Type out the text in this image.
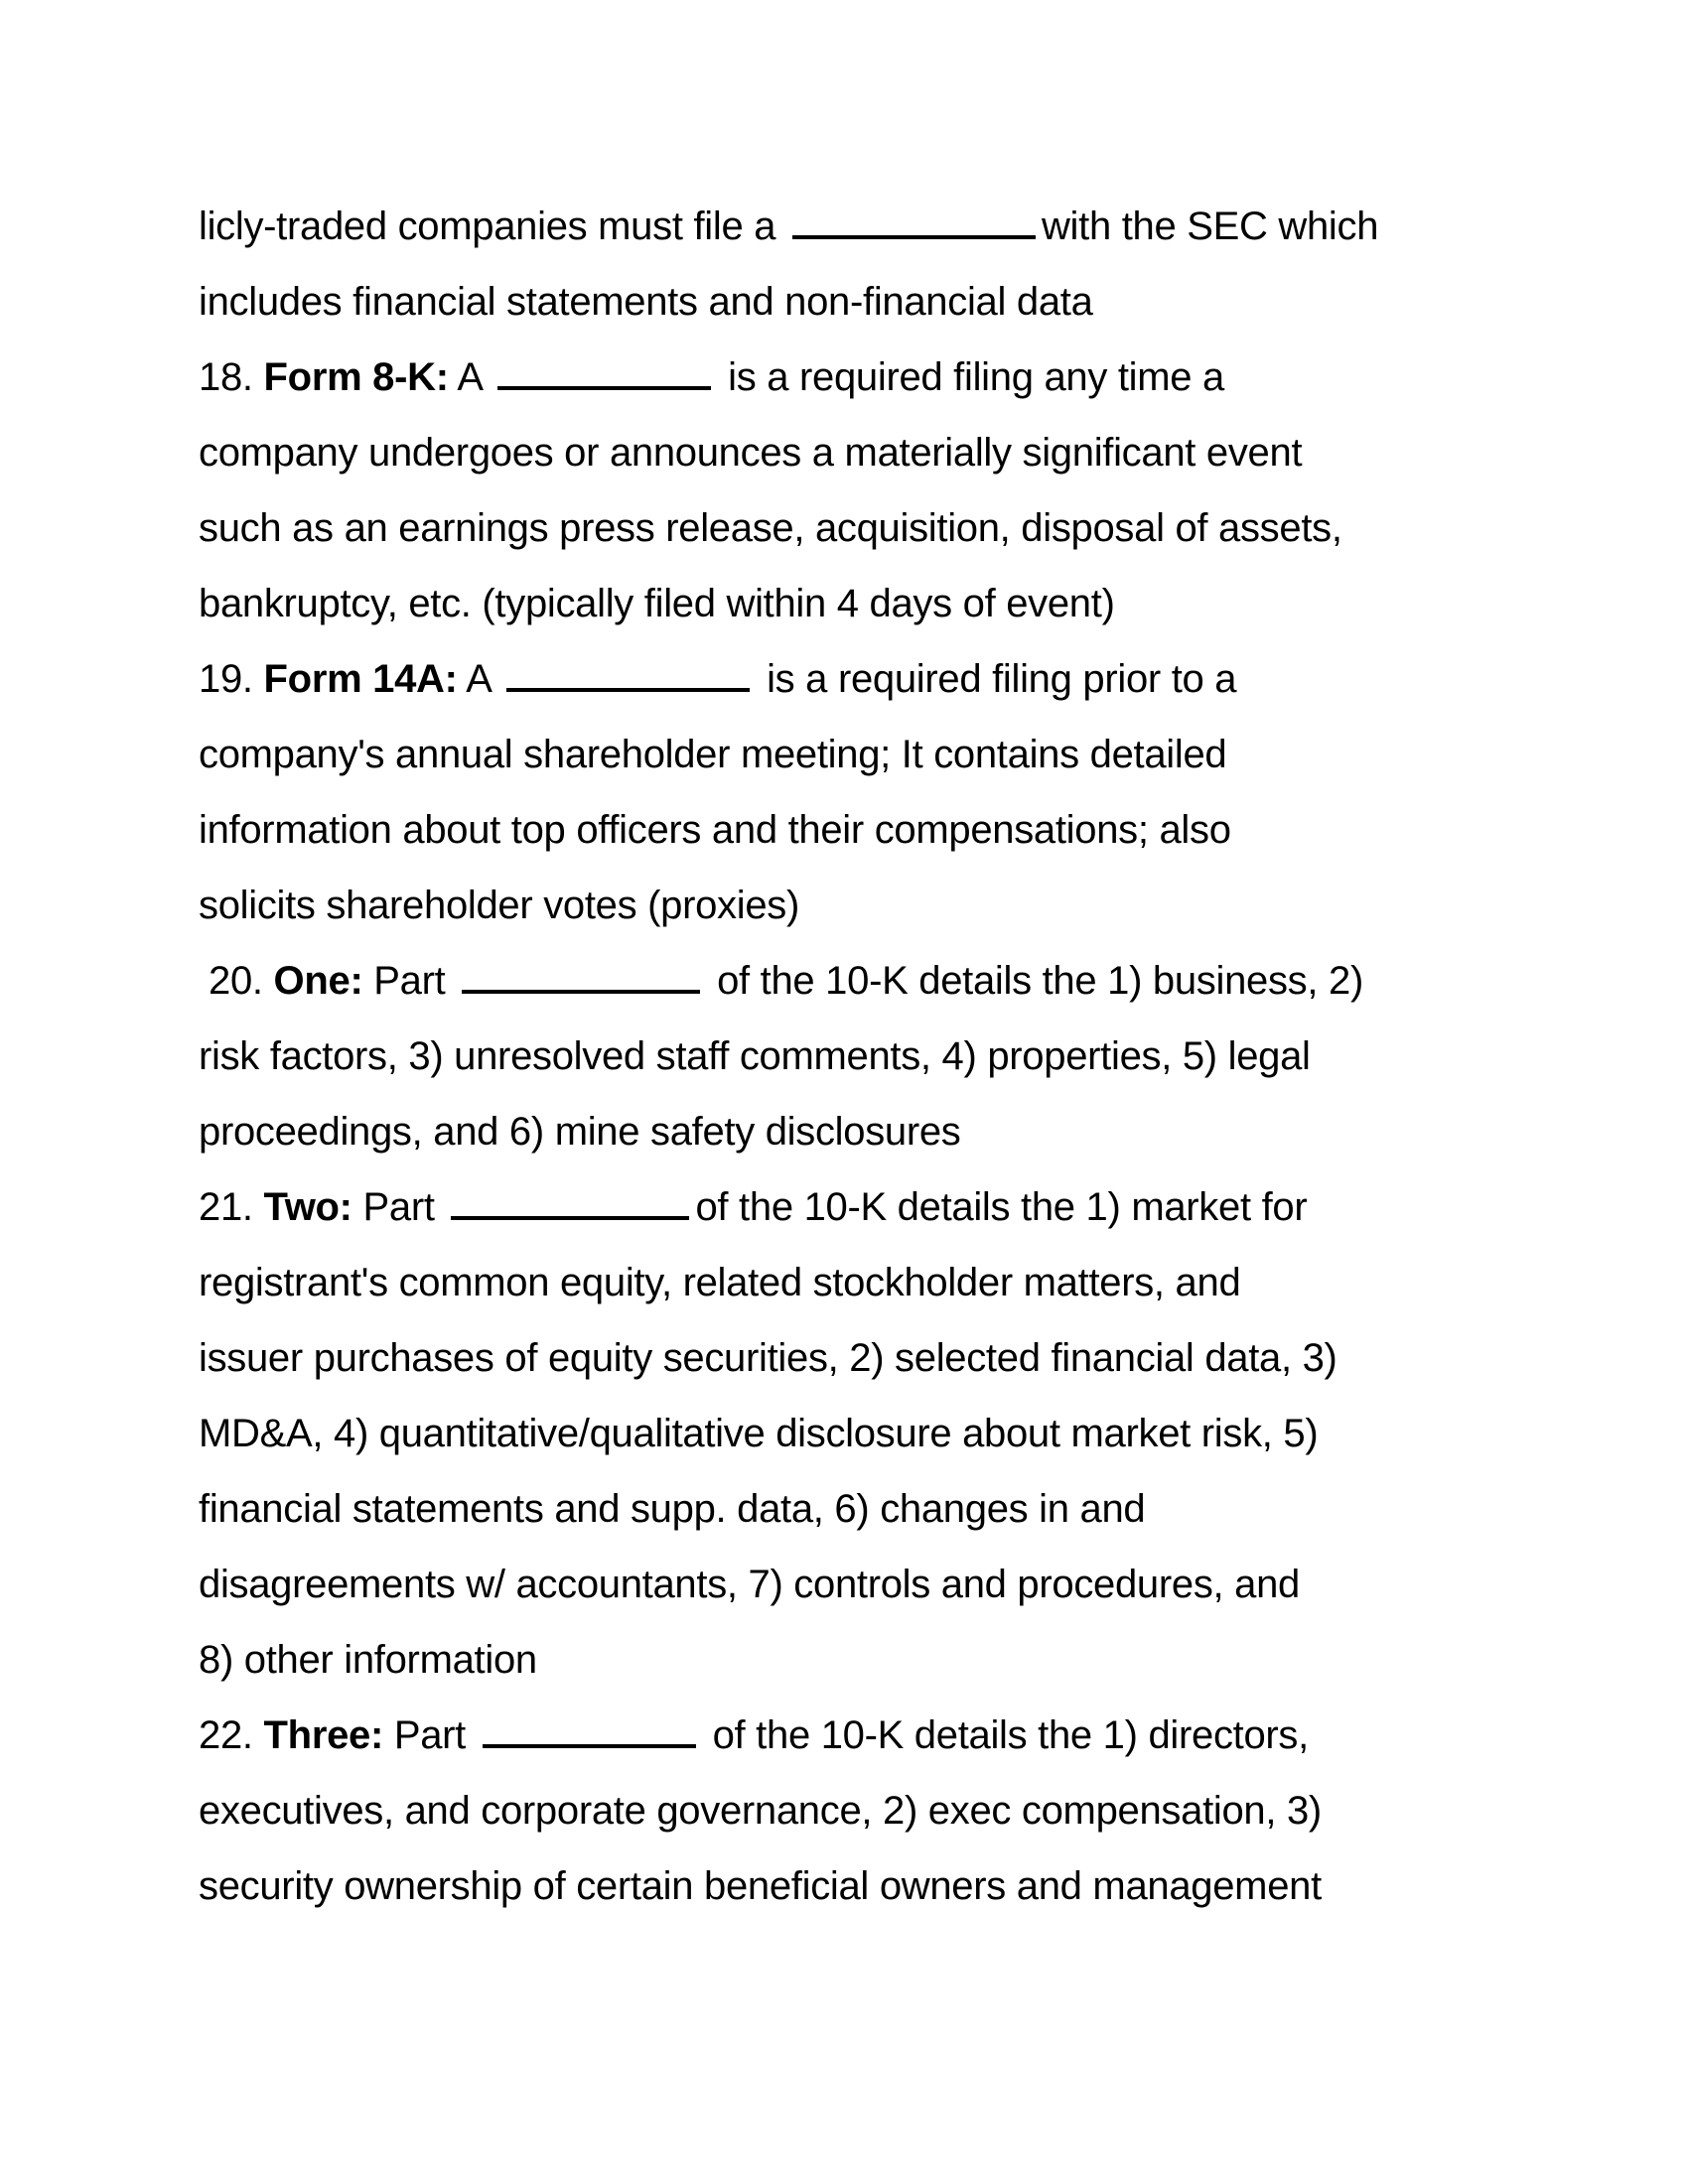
licly-traded companies must file a	with the SEC which
includes financial statements and non-financial data
18. Form 8-K: A	is a required filing any time a
company undergoes or announces a materially significant event
such as an earnings press release, acquisition, disposal of assets,
bankruptcy, etc. (typically filed within 4 days of event)
19. Form 14A: A	is a required filing prior to a
company's annual shareholder meeting; It contains detailed
information about top officers and their compensations; also
solicits shareholder votes (proxies)
20. One: Part	of the 10-K details the 1) business, 2)
risk factors, 3) unresolved staff comments, 4) properties, 5) legal
proceedings, and 6) mine safety disclosures
21. Two: Part	of the 10-K details the 1) market for
registrant's common equity, related stockholder matters, and
issuer purchases of equity securities, 2) selected financial data, 3)
MD&A, 4) quantitative/qualitative disclosure about market risk, 5)
financial statements and supp. data, 6) changes in and
disagreements w/ accountants, 7) controls and procedures, and
8) other information
22. Three: Part	of the 10-K details the 1) directors,
executives, and corporate governance, 2) exec compensation, 3)
security ownership of certain beneficial owners and management
